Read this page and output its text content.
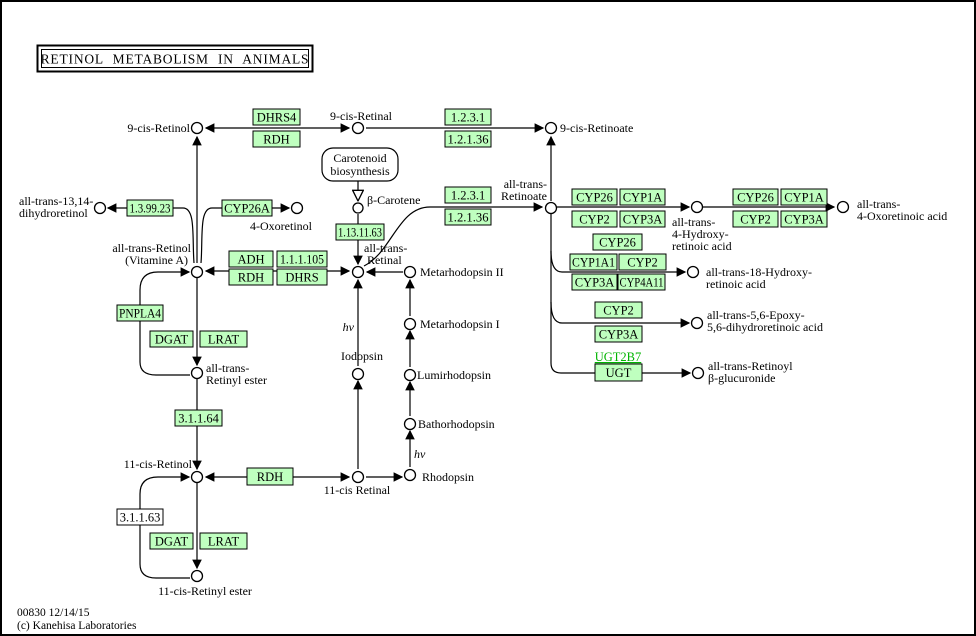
DHRS4
RDH
1.2.3.1
1.2.1.36
1.3.99.23	CYP26A
1.13.11.63
1.2.3.1
1.2.1.36
ADH 1.1.1.105
RDH DHRS
PNPLA4
DGAT LRAT
3.1.1.64
RDH
3.1.1.63
DGAT LRAT
CYP26 CYP1A
CYP2 CYP3A
CYP26 CYP1A
CYP2 CYP3A
CYP26
CYP1A1 CYP2
CYP3A CYP4A11
CYP2
CYP3A
UGT2B7
UGT
Carotenoid
biosynthesis
9-cis-Retinol
9-cis-Retinal
9-cis-Retinoate
all-trans-13,14-
dihydroretinol
4-Oxoretinol
β-Carotene
all-trans-Retinol
(Vitamine A)
all-trans-
Retinal
Metarhodopsin II
Metarhodopsin I
Lumirhodopsin
Bathorhodopsin
Rhodopsin
Iodopsin
hν
hν
all-trans-
Retinyl ester
11-cis-Retinol
11-cis Retinal
11-cis-Retinyl ester
all-trans-
Retinoate
all-trans-
4-Hydroxy-
retinoic acid
all-trans-
4-Oxoretinoic acid
all-trans-18-Hydroxy-
retinoic acid
all-trans-5,6-Epoxy-
5,6-dihydroretinoic acid
all-trans-Retinoyl
β-glucuronide
RETINOL METABOLISM IN ANIMALS
00830 12/14/15
(c) Kanehisa Laboratories
